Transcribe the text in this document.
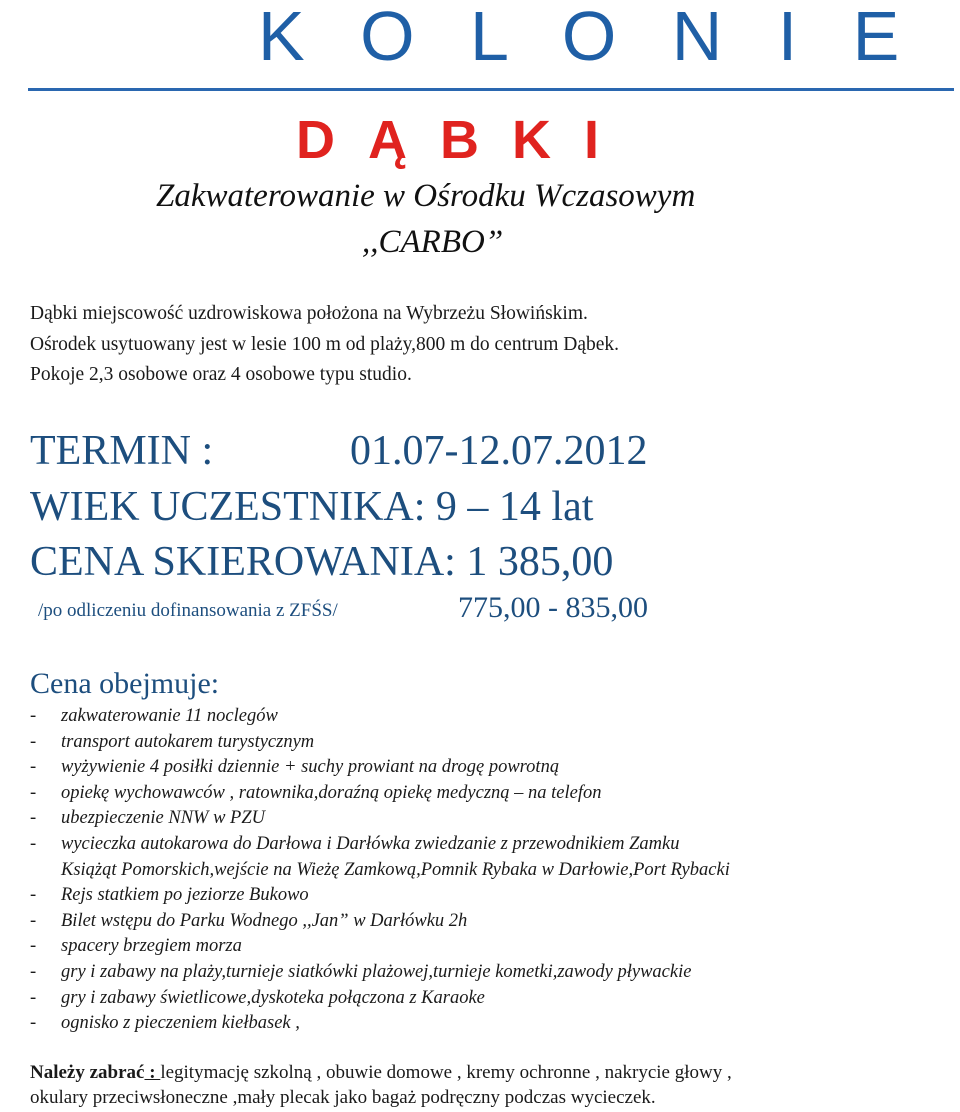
K O L O N I E
D Ą B K I
Zakwaterowanie w Ośrodku Wczasowym
,,CARBO”
Dąbki miejscowość uzdrowiskowa położona na Wybrzeżu Słowińskim.
Ośrodek usytuowany jest w lesie 100 m od plaży,800 m do centrum Dąbek.
Pokoje 2,3 osobowe oraz 4 osobowe typu studio.
TERMIN :	01.07-12.07.2012
WIEK UCZESTNIKA: 9 – 14 lat
CENA SKIEROWANIA: 1 385,00
/po odliczeniu dofinansowania z ZFŚS/	775,00 - 835,00
Cena obejmuje:
- zakwaterowanie 11 noclegów
- transport autokarem turystycznym
- wyżywienie 4 posiłki dziennie + suchy prowiant na drogę powrotną
- opiekę wychowawców , ratownika,doraźną opiekę medyczną – na telefon
- ubezpieczenie NNW w PZU
- wycieczka autokarowa do Darłowa i Darłówka zwiedzanie z przewodnikiem Zamku
Książąt Pomorskich,wejście na Wieżę Zamkową,Pomnik Rybaka w Darłowie,Port Rybacki
- Rejs statkiem po jeziorze Bukowo
- Bilet wstępu do Parku Wodnego ,,Jan” w Darłówku 2h
- spacery brzegiem morza
- gry i zabawy na plaży,turnieje siatkówki plażowej,turnieje kometki,zawody pływackie
- gry i zabawy świetlicowe,dyskoteka połączona z Karaoke
- ognisko z pieczeniem kiełbasek ,
Należy zabrać : legitymację szkolną , obuwie domowe , kremy ochronne , nakrycie głowy ,
okulary przeciwsłoneczne ,mały plecak jako bagaż podręczny podczas wycieczek.
